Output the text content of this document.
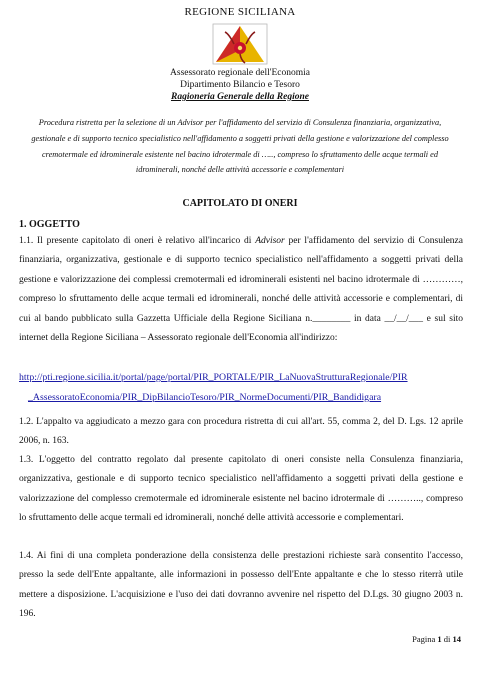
REGIONE SICILIANA
Assessorato regionale dell'Economia
Dipartimento Bilancio e Tesoro
Ragioneria Generale della Regione
Procedura ristretta per la selezione di un Advisor per l'affidamento del servizio di Consulenza finanziaria, organizzativa, gestionale e di supporto tecnico specialistico nell'affidamento a soggetti privati della gestione e valorizzazione del complesso cremotermale ed idrominerale esistente nel bacino idrotermale di ….., compreso lo sfruttamento delle acque termali ed idrominerali, nonché delle attività accessorie e complementari
CAPITOLATO DI ONERI
1. OGGETTO
1.1. Il presente capitolato di oneri è relativo all'incarico di Advisor per l'affidamento del servizio di Consulenza finanziaria, organizzativa, gestionale e di supporto tecnico specialistico nell'affidamento a soggetti privati della gestione e valorizzazione dei complessi cremotermali ed idrominerali esistenti nel bacino idrotermale di …………, compreso lo sfruttamento delle acque termali ed idrominerali, nonché delle attività accessorie e complementari, di cui al bando pubblicato sulla Gazzetta Ufficiale della Regione Siciliana n.________ in data __/__/___ e sul sito internet della Regione Siciliana – Assessorato regionale dell'Economia all'indirizzo:
http://pti.regione.sicilia.it/portal/page/portal/PIR_PORTALE/PIR_LaNuovaStrutturaRegionale/PIR
_AssessoratoEconomia/PIR_DipBilancioTesoro/PIR_NormeDocumenti/PIR_Bandidigara
1.2. L'appalto va aggiudicato a mezzo gara con procedura ristretta di cui all'art. 55, comma 2, del D. Lgs. 12 aprile 2006, n. 163.
1.3. L'oggetto del contratto regolato dal presente capitolato di oneri consiste nella Consulenza finanziaria, organizzativa, gestionale e di supporto tecnico specialistico nell'affidamento a soggetti privati della gestione e valorizzazione del complesso cremotermale ed idrominerale esistente nel bacino idrotermale di ……….., compreso lo sfruttamento delle acque termali ed idrominerali, nonché delle attività accessorie e complementari.
1.4. Ai fini di una completa ponderazione della consistenza delle prestazioni richieste sarà consentito l'accesso, presso la sede dell'Ente appaltante, alle informazioni in possesso dell'Ente appaltante e che lo stesso riterrà utile mettere a disposizione. L'acquisizione e l'uso dei dati dovranno avvenire nel rispetto del D.Lgs. 30 giugno 2003 n. 196.
Pagina 1 di 14
